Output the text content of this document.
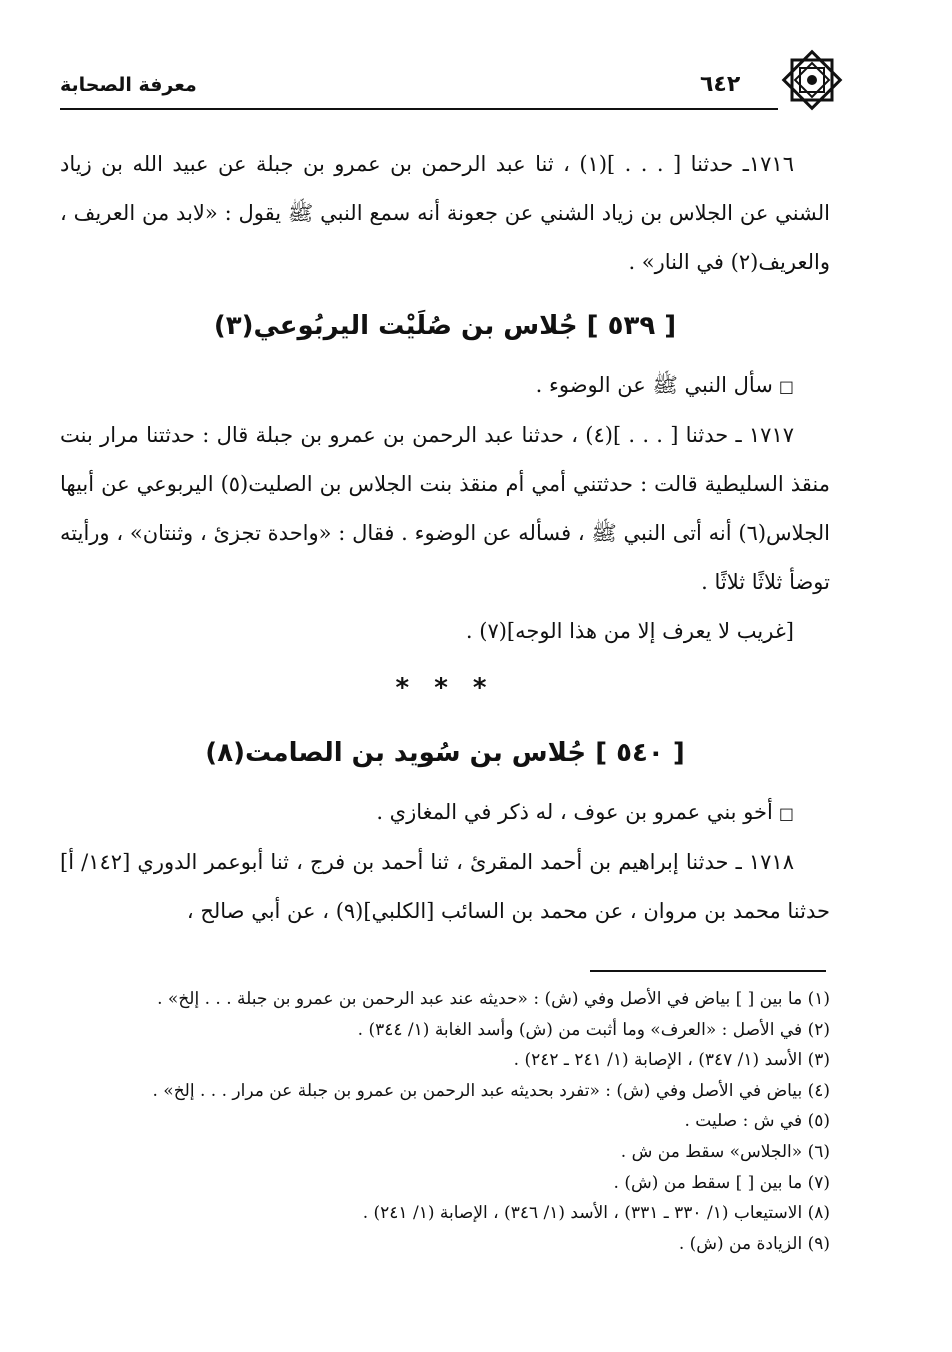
معرفة الصحابة	٦٤٢

١٧١٦ـ حدثنا [ . . . ](١) ، ثنا عبد الرحمن بن عمرو بن جبلة عن عبيد الله بن زياد الشني عن الجلاس بن زياد الشني عن جعونة أنه سمع النبي ﷺ يقول : «لابد من العريف ، والعريف(٢) في النار» .

[ ٥٣٩ ] جُلاس بن صُلَيْت اليربُوعي(٣)

□سأل النبي ﷺ عن الوضوء .

١٧١٧ ـ حدثنا [ . . . ](٤) ، حدثنا عبد الرحمن بن عمرو بن جبلة قال : حدثتنا مرار بنت منقذ السليطية قالت : حدثتني أمي أم منقذ بنت الجلاس بن الصليت(٥) اليربوعي عن أبيها الجلاس(٦) أنه أتى النبي ﷺ ، فسأله عن الوضوء . فقال : «واحدة تجزئ ، وثنتان» ، ورأيته توضأ ثلاثًا ثلاثًا .

[غريب لا يعرف إلا من هذا الوجه](٧) .

* * *
[ ٥٤٠ ] جُلاس بن سُويد بن الصامت(٨)

□أخو بني عمرو بن عوف ، له ذكر في المغازي .

١٧١٨ ـ حدثنا إبراهيم بن أحمد المقرئ ، ثنا أحمد بن فرج ، ثنا أبوعمر الدوري [١٤٢/ أ] حدثنا محمد بن مروان ، عن محمد بن السائب [الكلبي](٩) ، عن أبي صالح ،

(١) ما بين [ ] بياض في الأصل وفي (ش) : «حديثه عند عبد الرحمن بن عمرو بن جبلة . . . إلخ» .

(٢) في الأصل : «العرف» وما أثبت من (ش) وأسد الغابة (١/ ٣٤٤) .

(٣) الأسد (١/ ٣٤٧) ، الإصابة (١/ ٢٤١ ـ ٢٤٢) .

(٤) بياض في الأصل وفي (ش) : «تفرد بحديثه عبد الرحمن بن عمرو بن جبلة عن مرار . . . إلخ» .

(٥) في ش : صليت .

(٦) «الجلاس» سقط من ش .

(٧) ما بين [ ] سقط من (ش) .

(٨) الاستيعاب (١/ ٣٣٠ ـ ٣٣١) ، الأسد (١/ ٣٤٦) ، الإصابة (١/ ٢٤١) .

(٩) الزيادة من (ش) .
